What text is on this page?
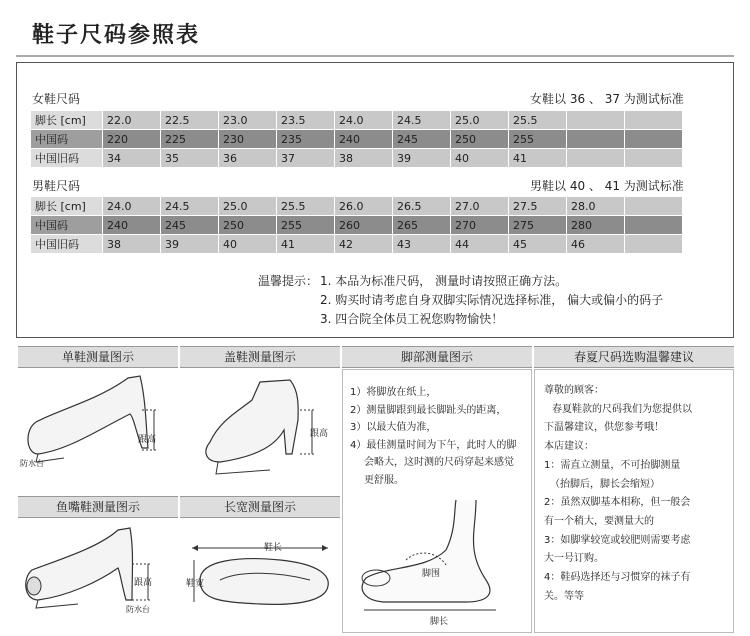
鞋子尺码参照表
女鞋尺码	女鞋以 36 、 37 为测试标准
脚长 [cm]	22.0	22.5	23.0	23.5	24.0	24.5	25.0	25.5		
中国码	220	225	230	235	240	245	250	255		
中国旧码	34	35	36	37	38	39	40	41		
男鞋尺码	男鞋以 40 、 41 为测试标准
脚长 [cm]	24.0	24.5	25.0	25.5	26.0	26.5	27.0	27.5	28.0	
中国码	240	245	250	255	260	265	270	275	280	
中国旧码	38	39	40	41	42	43	44	45	46	
温馨提示： 1. 本品为标准尺码， 测量时请按照正确方法。
2. 购买时请考虑自身双脚实际情况选择标准， 偏大或偏小的码子
3. 四合院全体员工祝您购物愉快！
单鞋测量图示	盖鞋测量图示	脚部测量图示	春夏尺码选购温馨建议
鱼嘴鞋测量图示	长宽测量图示
跟高
防水台
跟高
1）将脚放在纸上，
2）测量脚跟到最长脚趾头的距离，
3）以最大值为准，
4）最佳测量时间为下午，此时人的脚
会略大，这时测的尺码穿起来感觉
更舒服。
脚围
脚长
尊敬的顾客：
春夏鞋款的尺码我们为您提供以
下温馨建议，供您参考哦！
本店建议：
1：需直立测量，不可抬脚测量
（抬脚后，脚长会缩短）
2：虽然双脚基本相称，但一般会
有一个稍大，要测量大的
3：如脚掌较宽或较肥则需要考虑
大一号订购。
4：鞋码选择还与习惯穿的袜子有
关。等等
跟高
防水台
鞋长
鞋宽
